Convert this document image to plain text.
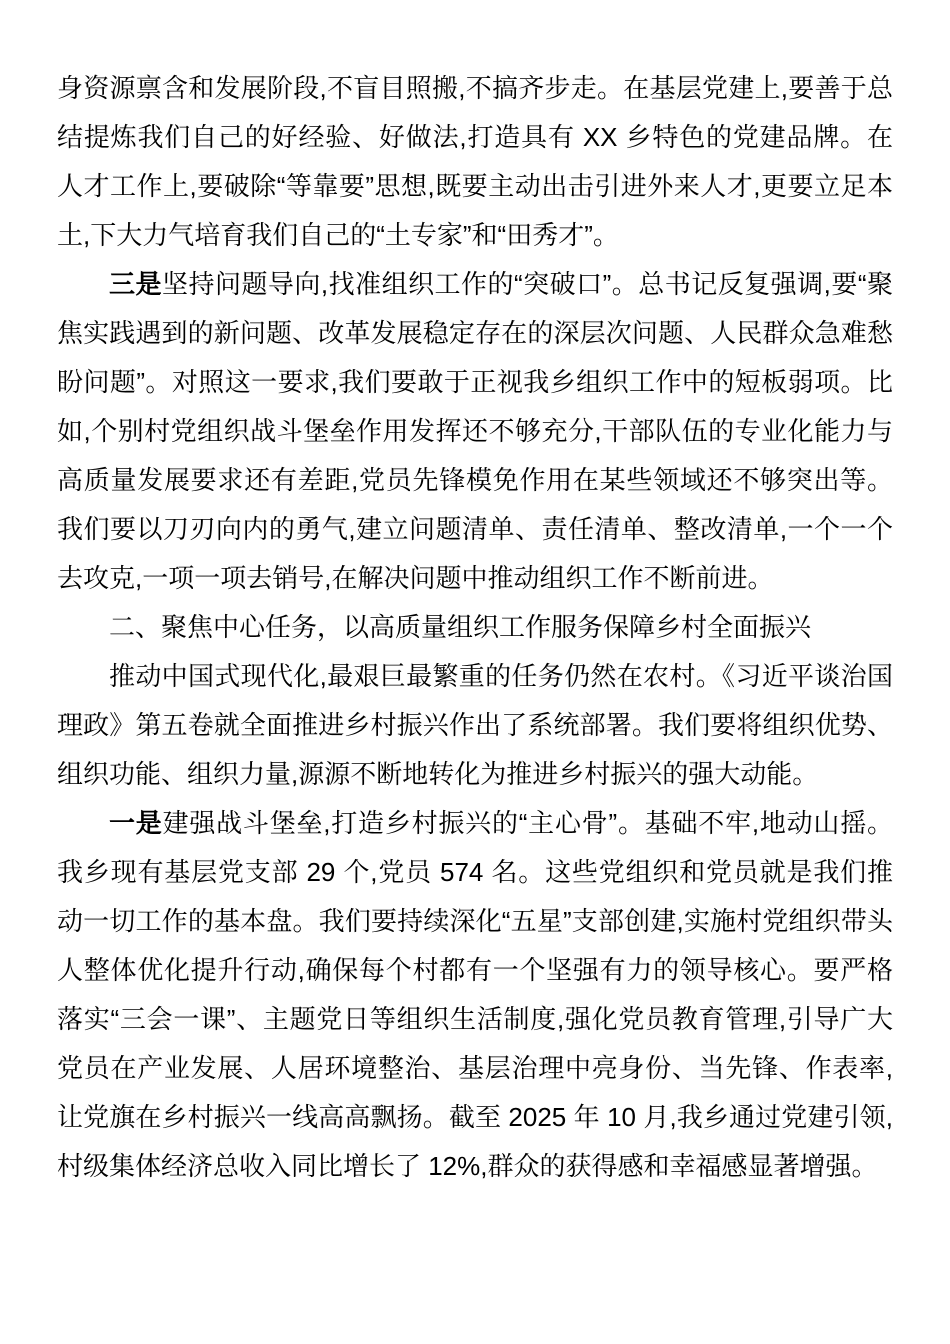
身资源禀含和发展阶段,不盲目照搬,不搞齐步走。在基层党建上,要善于总结提炼我们自己的好经验、好做法,打造具有 XX 乡特色的党建品牌。在人才工作上,要破除“等靠要”思想,既要主动出击引进外来人才,更要立足本土,下大力气培育我们自己的“土专家”和“田秀才”。

三是坚持问题导向,找准组织工作的“突破口”。总书记反复强调,要“聚焦实践遇到的新问题、改革发展稳定存在的深层次问题、人民群众急难愁盼问题”。对照这一要求,我们要敢于正视我乡组织工作中的短板弱项。比如,个别村党组织战斗堡垒作用发挥还不够充分,干部队伍的专业化能力与高质量发展要求还有差距,党员先锋模免作用在某些领域还不够突出等。我们要以刀刃向内的勇气,建立问题清单、责任清单、整改清单,一个一个去攻克,一项一项去销号,在解决问题中推动组织工作不断前进。

二、聚焦中心任务，以高质量组织工作服务保障乡村全面振兴

推动中国式现代化,最艰巨最繁重的任务仍然在农村。《习近平谈治国理政》第五卷就全面推进乡村振兴作出了系统部署。我们要将组织优势、组织功能、组织力量,源源不断地转化为推进乡村振兴的强大动能。

一是建强战斗堡垒,打造乡村振兴的“主心骨”。基础不牢,地动山摇。我乡现有基层党支部 29 个,党员 574 名。这些党组织和党员就是我们推动一切工作的基本盘。我们要持续深化“五星”支部创建,实施村党组织带头人整体优化提升行动,确保每个村都有一个坚强有力的领导核心。要严格落实“三会一课”、主题党日等组织生活制度,强化党员教育管理,引导广大党员在产业发展、人居环境整治、基层治理中亮身份、当先锋、作表率,让党旗在乡村振兴一线高高飘扬。截至 2025 年 10 月,我乡通过党建引领,村级集体经济总收入同比增长了 12%,群众的获得感和幸福感显著增强。
